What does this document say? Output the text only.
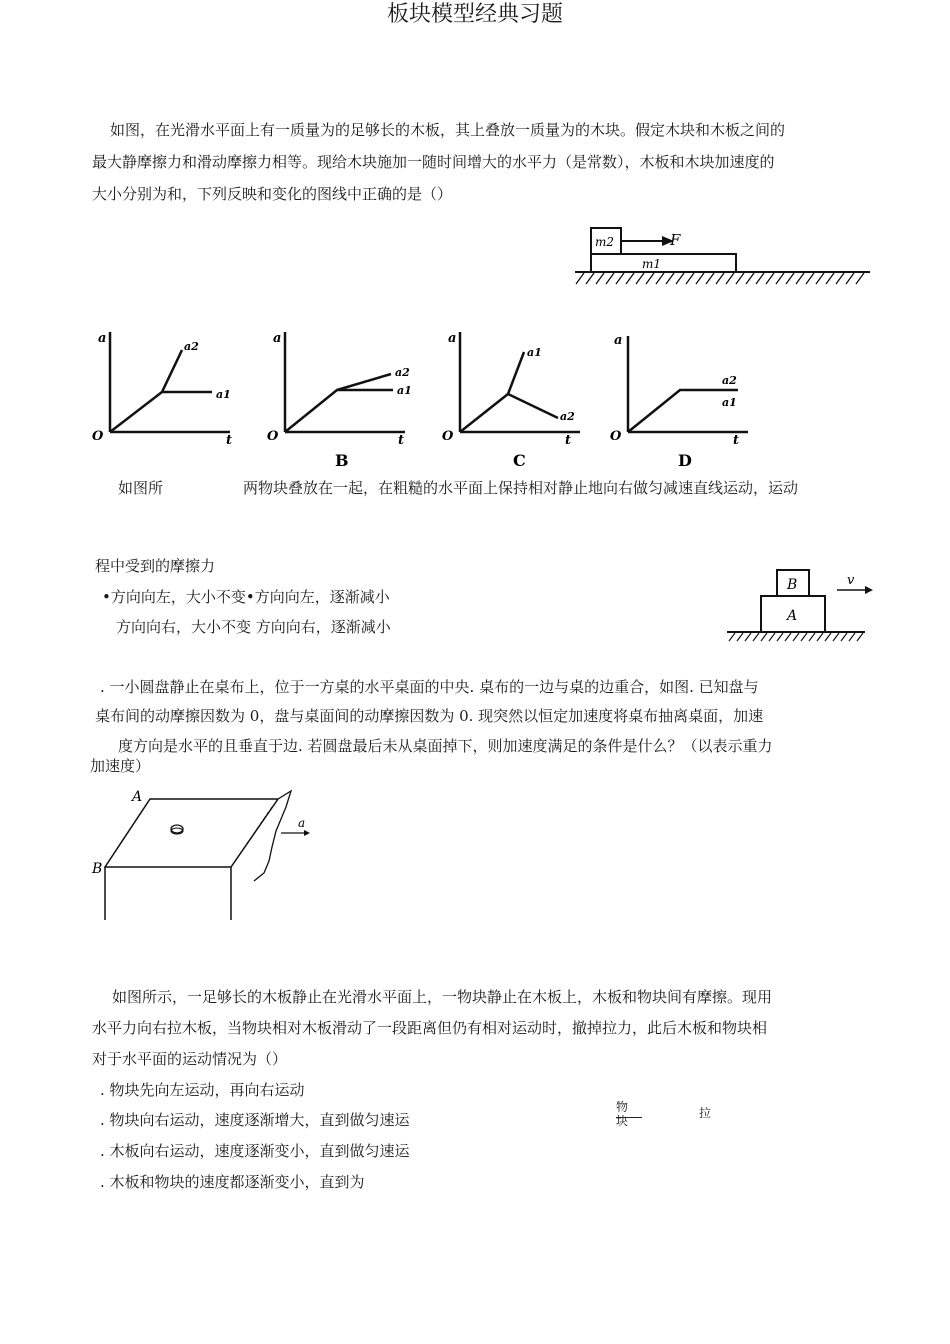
板块模型经典习题
如图，在光滑水平面上有一质量为的足够长的木板，其上叠放一质量为的木块。假定木块和木板之间的
最大静摩擦力和滑动摩擦力相等。现给木块施加一随时间增大的水平力（是常数），木板和木块加速度的
大小分别为和，下列反映和变化的图线中正确的是（）
m2	F
m1
a
O	t
a2
a1
a
O	t
a2
a1
B
a
O	t
a1
a2
C
a
O	t
a2
a1
D
如图所	两物块叠放在一起，在粗糙的水平面上保持相对静止地向右做匀减速直线运动，运动
程中受到的摩擦力
•方向向左，大小不变•方向向左，逐渐减小
方向向右，大小不变 方向向右，逐渐减小
B
A
v
. 一小圆盘静止在桌布上，位于一方桌的水平桌面的中央. 桌布的一边与桌的边重合，如图. 已知盘与
桌布间的动摩擦因数为 0，盘与桌面间的动摩擦因数为 0. 现突然以恒定加速度将桌布抽离桌面，加速
度方向是水平的且垂直于边. 若圆盘最后未从桌面掉下，则加速度满足的条件是什么？（以表示重力
加速度）
A
B
a
如图所示，一足够长的木板静止在光滑水平面上，一物块静止在木板上，木板和物块间有摩擦。现用
水平力向右拉木板，当物块相对木板滑动了一段距离但仍有相对运动时，撤掉拉力，此后木板和物块相
对于水平面的运动情况为（）
. 物块先向左运动，再向右运动
. 物块向右运动，速度逐渐增大，直到做匀速运
. 木板向右运动，速度逐渐变小，直到做匀速运
. 木板和物块的速度都逐渐变小，直到为
物块
拉
